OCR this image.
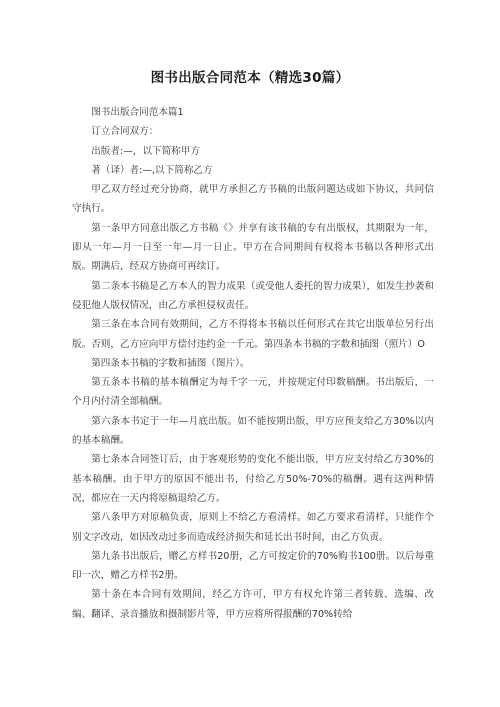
图书出版合同范本（精选30篇）

图书出版合同范本篇1

订立合同双方：

出版者:—，以下简称甲方

著（译）者:—,以下简称乙方

甲乙双方经过充分协商，就甲方承担乙方书稿的出版问题达成如下协议，共同信守执行。

第一条甲方同意出版乙方书稿《》并享有该书稿的专有出版权，其期限为一年，即从一年—月一日至一年—月一日止。甲方在合同期间有权将本书稿以各种形式出版。期满后，经双方协商可再续订。

第二条本书稿是乙方本人的智力成果（或受他人委托的智力成果），如发生抄袭和侵犯他人版权情况，由乙方承担侵权责任。

第三条在本合同有效期间，乙方不得将本书稿以任何形式在其它出版单位另行出版。否则，乙方应向甲方偿付违约金一千元。第四条本书稿的字数和插图（照片）O

第四条本书稿的字数和插图（图片）。

第五条本书稿的基本稿酬定为每千字一元，并按规定付印数稿酬。书出版后，一个月内付清全部稿酬。

第六条本书定于一年—月底出版。如不能按期出版，甲方应预支给乙方30%以内的基本稿酬。

第七条本合同签订后，由于客观形势的变化不能出版，甲方应支付给乙方30%的基本稿酬。由于甲方的原因不能出书，付给乙方50%-70%的稿酬。遇有这两种情况，都应在一天内将原稿退给乙方。

第八条甲方对原稿负责，原则上不给乙方看清样。如乙方要求看清样，只能作个别文字改动，如因改动过多而造成经济损失和延长出书时间，由乙方负责。

第九条书出版后，赠乙方样书20册，乙方可按定价的70%购书100册。以后每重印一次，赠乙方样书2册。

第十条在本合同有效期间，经乙方许可，甲方有权允许第三者转载、选编、改编、翻译、录音播放和摄制影片等，甲方应将所得报酬的70%转给
